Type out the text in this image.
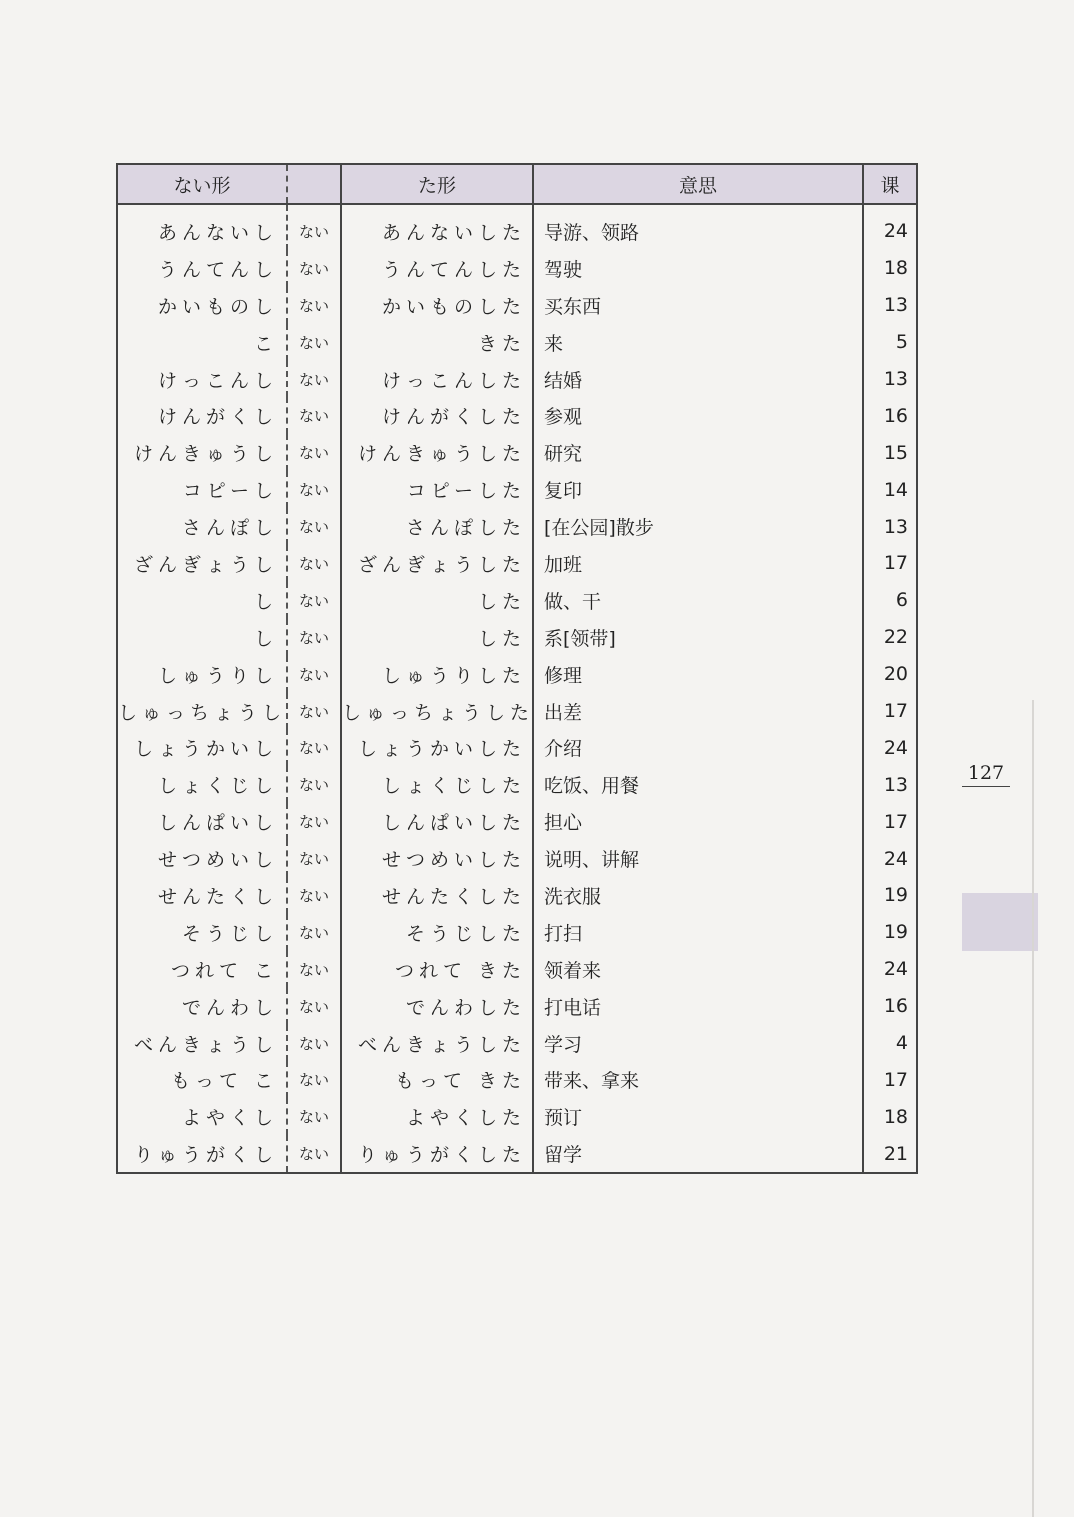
ない形		た形	意思	课
あんないし	ない	あんないした	导游、领路	24
うんてんし	ない	うんてんした	驾驶	18
かいものし	ない	かいものした	买东西	13
こ	ない	きた	来	5
けっこんし	ない	けっこんした	结婚	13
けんがくし	ない	けんがくした	参观	16
けんきゅうし	ない	けんきゅうした	研究	15
コピーし	ない	コピーした	复印	14
さんぽし	ない	さんぽした	[在公园]散步	13
ざんぎょうし	ない	ざんぎょうした	加班	17
し	ない	した	做、干	6
し	ない	した	系[领带]	22
しゅうりし	ない	しゅうりした	修理	20
しゅっちょうし	ない	しゅっちょうした	出差	17
しょうかいし	ない	しょうかいした	介绍	24
しょくじし	ない	しょくじした	吃饭、用餐	13
しんぱいし	ない	しんぱいした	担心	17
せつめいし	ない	せつめいした	说明、讲解	24
せんたくし	ない	せんたくした	洗衣服	19
そうじし	ない	そうじした	打扫	19
つれて こ	ない	つれて きた	领着来	24
でんわし	ない	でんわした	打电话	16
べんきょうし	ない	べんきょうした	学习	4
もって こ	ない	もって きた	带来、拿来	17
よやくし	ない	よやくした	预订	18
りゅうがくし	ない	りゅうがくした	留学	21
127
